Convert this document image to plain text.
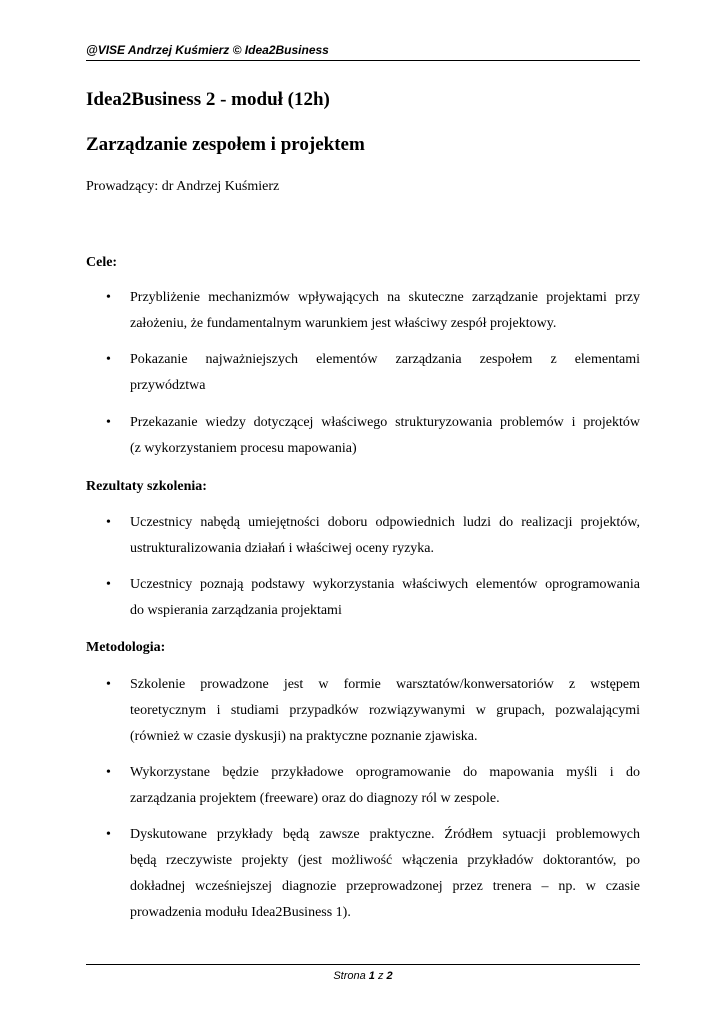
@VISE Andrzej Kuśmierz © Idea2Business
Idea2Business 2 - moduł (12h)
Zarządzanie zespołem i projektem
Prowadzący: dr Andrzej Kuśmierz
Cele:
• Przybliżenie mechanizmów wpływających na skuteczne zarządzanie projektami przy
założeniu, że fundamentalnym warunkiem jest właściwy zespół projektowy.
• Pokazanie najważniejszych elementów zarządzania zespołem z elementami
przywództwa
• Przekazanie wiedzy dotyczącej właściwego strukturyzowania problemów i projektów
(z wykorzystaniem procesu mapowania)
Rezultaty szkolenia:
• Uczestnicy nabędą umiejętności doboru odpowiednich ludzi do realizacji projektów,
ustrukturalizowania działań i właściwej oceny ryzyka.
• Uczestnicy poznają podstawy wykorzystania właściwych elementów oprogramowania
do wspierania zarządzania projektami
Metodologia:
• Szkolenie prowadzone jest w formie warsztatów/konwersatoriów z wstępem
teoretycznym i studiami przypadków rozwiązywanymi w grupach, pozwalającymi
(również w czasie dyskusji) na praktyczne poznanie zjawiska.
• Wykorzystane będzie przykładowe oprogramowanie do mapowania myśli i do
zarządzania projektem (freeware) oraz do diagnozy ról w zespole.
• Dyskutowane przykłady będą zawsze praktyczne. Źródłem sytuacji problemowych
będą rzeczywiste projekty (jest możliwość włączenia przykładów doktorantów, po
dokładnej wcześniejszej diagnozie przeprowadzonej przez trenera – np. w czasie
prowadzenia modułu Idea2Business 1).
Strona 1 z 2
